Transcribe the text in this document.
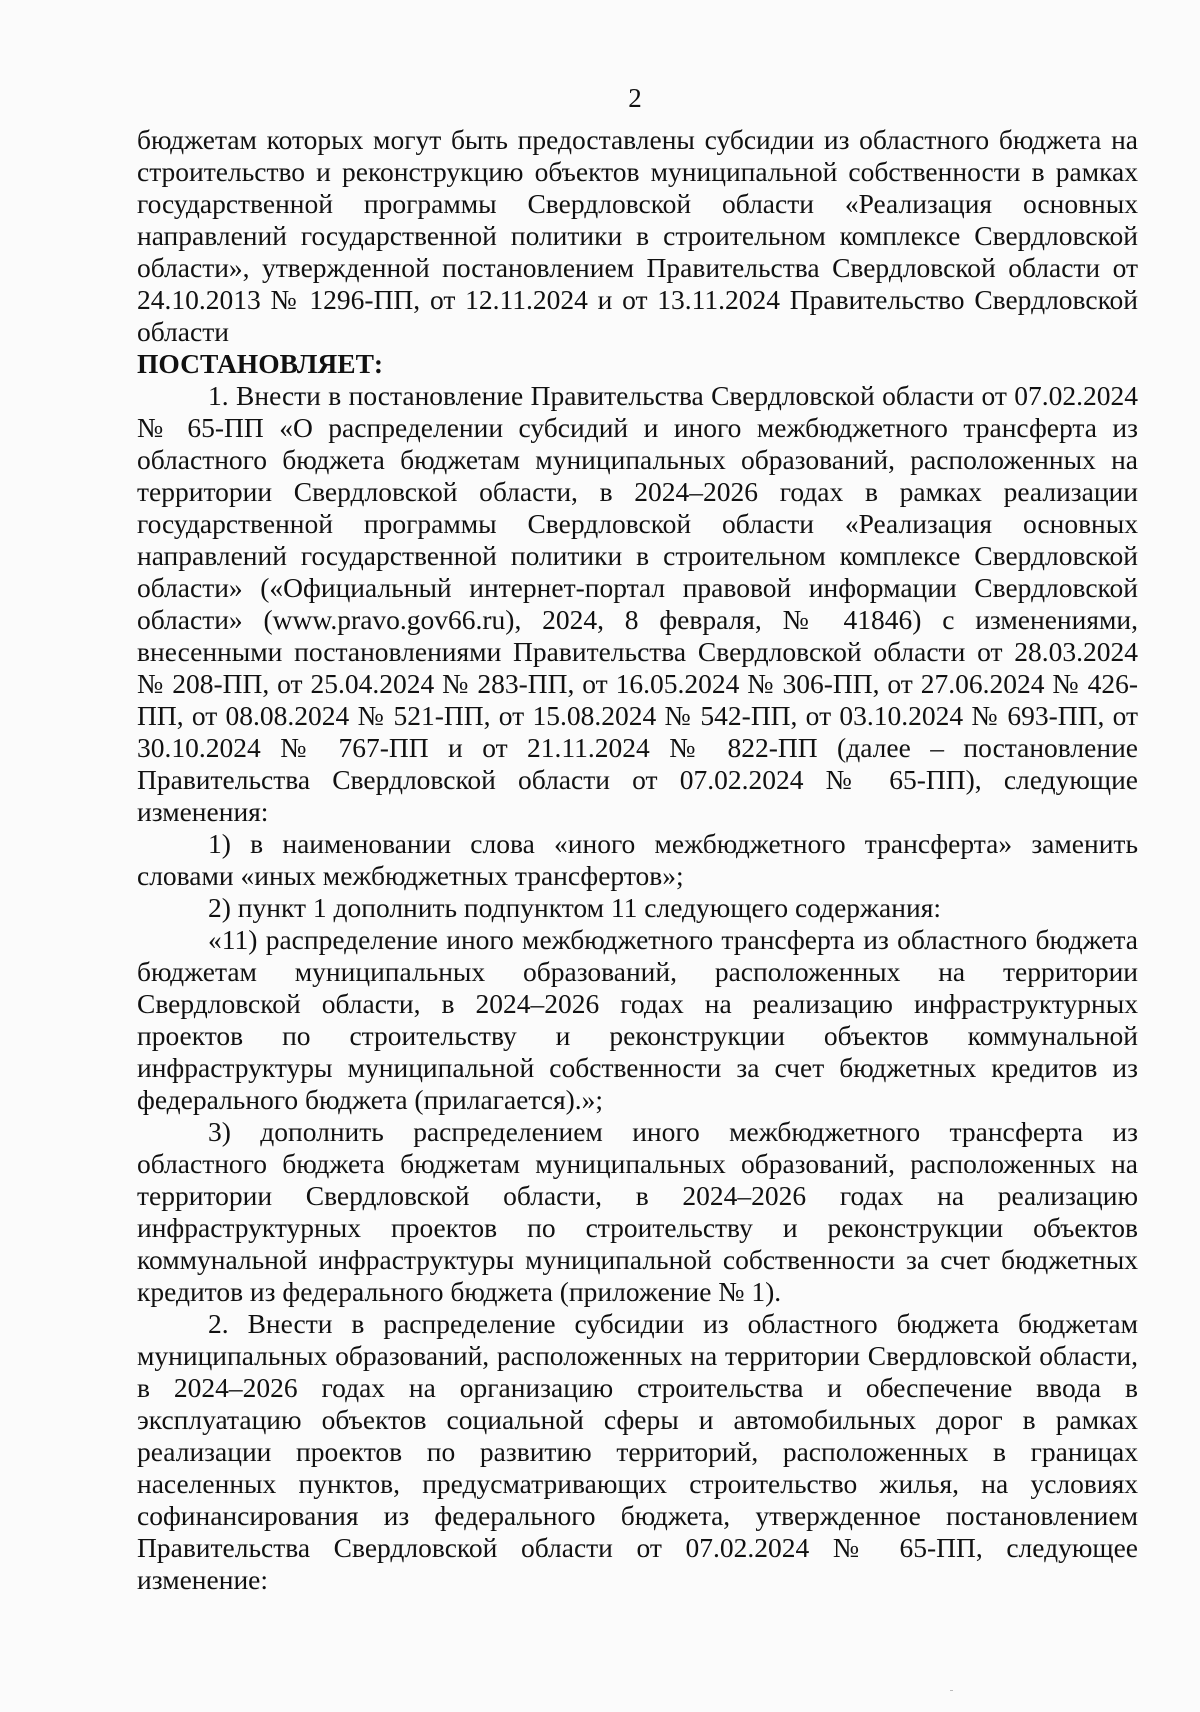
2

бюджетам которых могут быть предоставлены субсидии из областного бюджета на строительство и реконструкцию объектов муниципальной собственности в рамках государственной программы Свердловской области «Реализация основных направлений государственной политики в строительном комплексе Свердловской области», утвержденной постановлением Правительства Свердловской области от 24.10.2013 № 1296-ПП, от 12.11.2024 и от 13.11.2024 Правительство Свердловской области

ПОСТАНОВЛЯЕТ:

1. Внести в постановление Правительства Свердловской области от 07.02.2024 № 65-ПП «О распределении субсидий и иного межбюджетного трансферта из областного бюджета бюджетам муниципальных образований, расположенных на территории Свердловской области, в 2024–2026 годах в рамках реализации государственной программы Свердловской области «Реализация основных направлений государственной политики в строительном комплексе Свердловской области» («Официальный интернет-портал правовой информации Свердловской области» (www.pravo.gov66.ru), 2024, 8 февраля, № 41846) с изменениями, внесенными постановлениями Правительства Свердловской области от 28.03.2024 № 208-ПП, от 25.04.2024 № 283-ПП, от 16.05.2024 № 306-ПП, от 27.06.2024 № 426-ПП, от 08.08.2024 № 521-ПП, от 15.08.2024 № 542-ПП, от 03.10.2024 № 693-ПП, от 30.10.2024 № 767-ПП и от 21.11.2024 № 822-ПП (далее – постановление Правительства Свердловской области от 07.02.2024 № 65-ПП), следующие изменения:

1) в наименовании слова «иного межбюджетного трансферта» заменить словами «иных межбюджетных трансфертов»;

2) пункт 1 дополнить подпунктом 11 следующего содержания:

«11) распределение иного межбюджетного трансферта из областного бюджета бюджетам муниципальных образований, расположенных на территории Свердловской области, в 2024–2026 годах на реализацию инфраструктурных проектов по строительству и реконструкции объектов коммунальной инфраструктуры муниципальной собственности за счет бюджетных кредитов из федерального бюджета (прилагается).»;

3) дополнить распределением иного межбюджетного трансферта из областного бюджета бюджетам муниципальных образований, расположенных на территории Свердловской области, в 2024–2026 годах на реализацию инфраструктурных проектов по строительству и реконструкции объектов коммунальной инфраструктуры муниципальной собственности за счет бюджетных кредитов из федерального бюджета (приложение № 1).

2. Внести в распределение субсидии из областного бюджета бюджетам муниципальных образований, расположенных на территории Свердловской области, в 2024–2026 годах на организацию строительства и обеспечение ввода в эксплуатацию объектов социальной сферы и автомобильных дорог в рамках реализации проектов по развитию территорий, расположенных в границах населенных пунктов, предусматривающих строительство жилья, на условиях софинансирования из федерального бюджета, утвержденное постановлением Правительства Свердловской области от 07.02.2024 № 65-ПП, следующее изменение:
